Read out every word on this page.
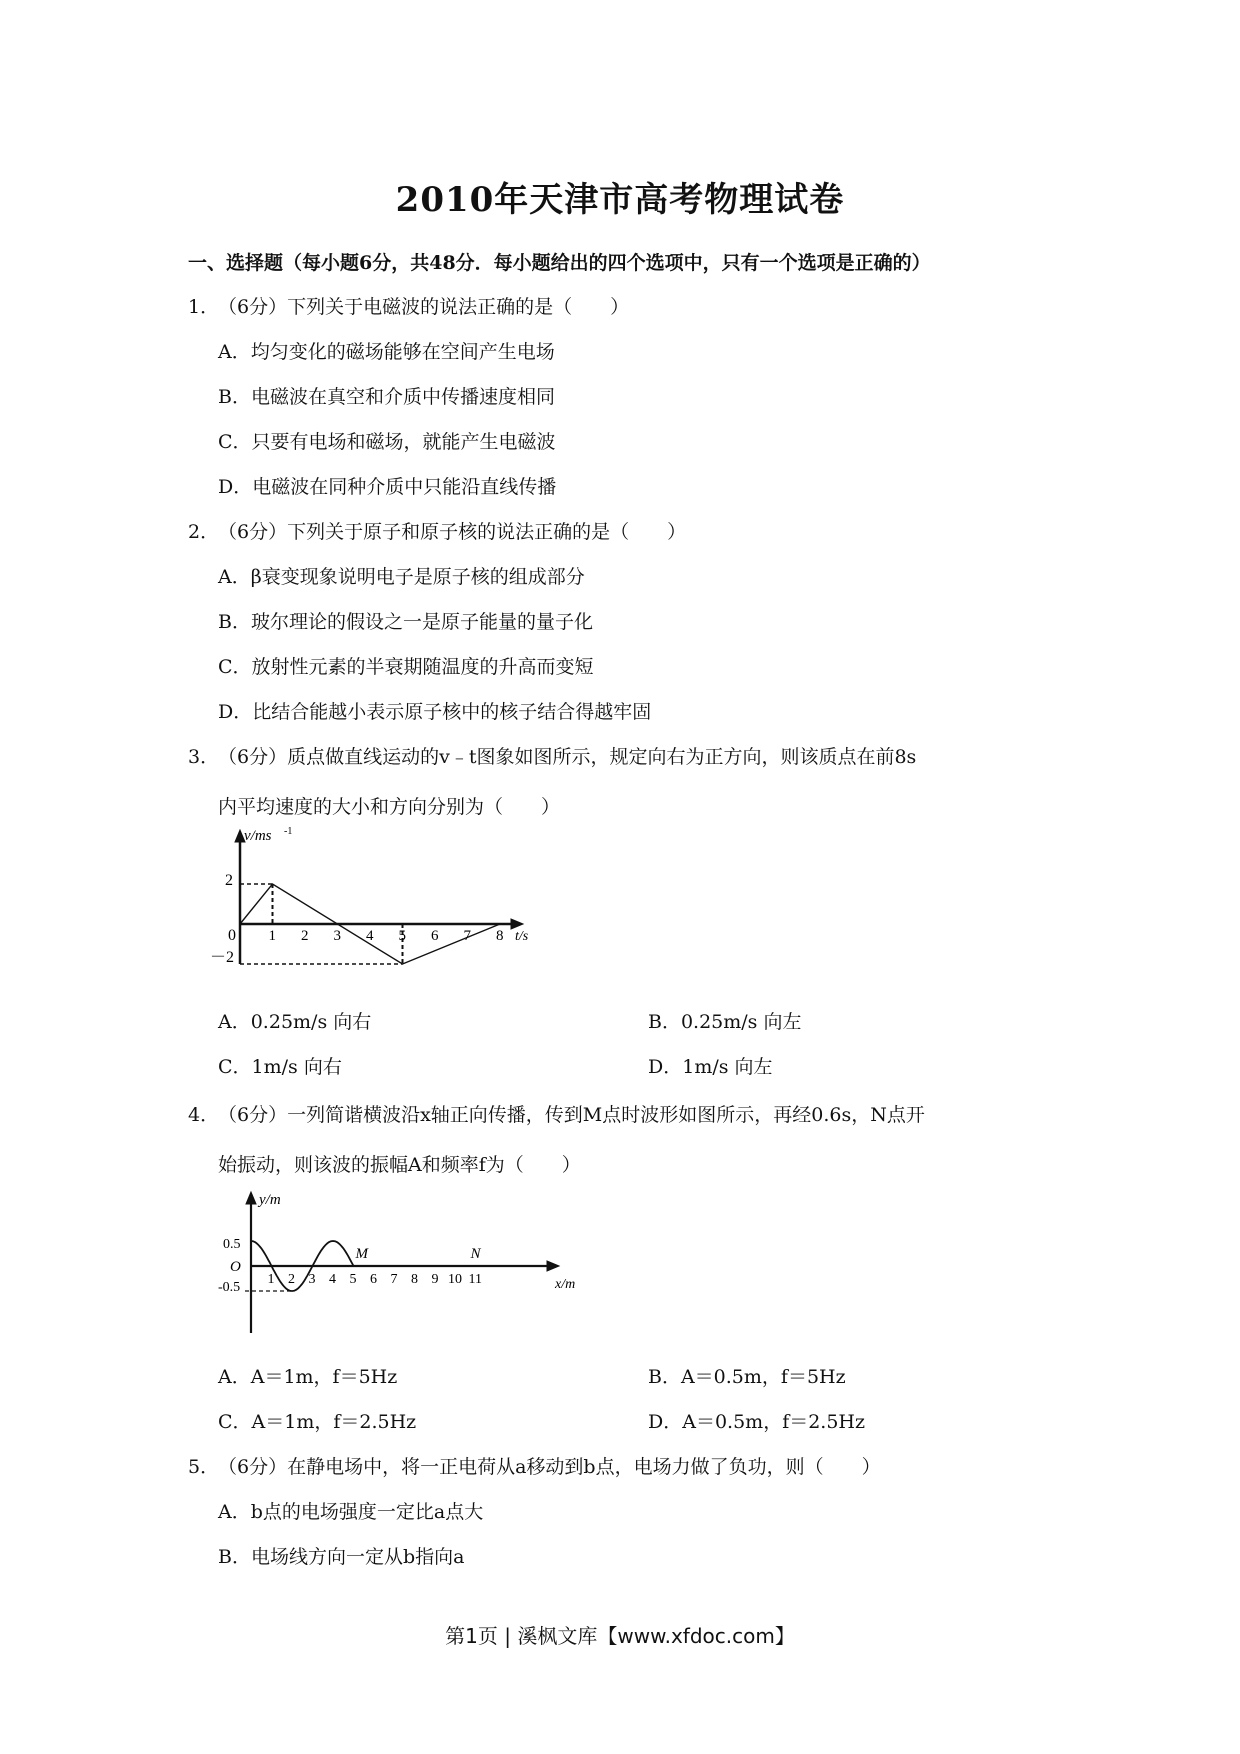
2010年天津市高考物理试卷
一、选择题（每小题6分，共48分．每小题给出的四个选项中，只有一个选项是正确的）
1．
（6分）下列关于电磁波的说法正确的是（　　）
A．均匀变化的磁场能够在空间产生电场
B．电磁波在真空和介质中传播速度相同
C．只要有电场和磁场，就能产生电磁波
D．电磁波在同种介质中只能沿直线传播
2．
（6分）下列关于原子和原子核的说法正确的是（　　）
A．β衰变现象说明电子是原子核的组成部分
B．玻尔理论的假设之一是原子能量的量子化
C．放射性元素的半衰期随温度的升高而变短
D．比结合能越小表示原子核中的核子结合得越牢固
3．
（6分）质点做直线运动的v﹣t图象如图所示，规定向右为正方向，则该质点在前8s
内平均速度的大小和方向分别为（　　）
v/ms -1
2
－2
0 1 2 3 4 5 6 7 8 t/s
A．0.25m/s 向右	B．0.25m/s 向左
C．1m/s 向右	D．1m/s 向左
4．
（6分）一列简谐横波沿x轴正向传播，传到M点时波形如图所示，再经0.6s，N点开
始振动，则该波的振幅A和频率f为（　　）
y/m
0.5
-0.5
O
1 2 3 4 5 6 7 8 9 10 11
M	N
x/m
A．A＝1m，f＝5Hz	B．A＝0.5m，f＝5Hz
C．A＝1m，f＝2.5Hz	D．A＝0.5m，f＝2.5Hz
5．
（6分）在静电场中，将一正电荷从a移动到b点，电场力做了负功，则（　　）
A．b点的电场强度一定比a点大
B．电场线方向一定从b指向a
第1页 | 溪枫文库【www.xfdoc.com】
